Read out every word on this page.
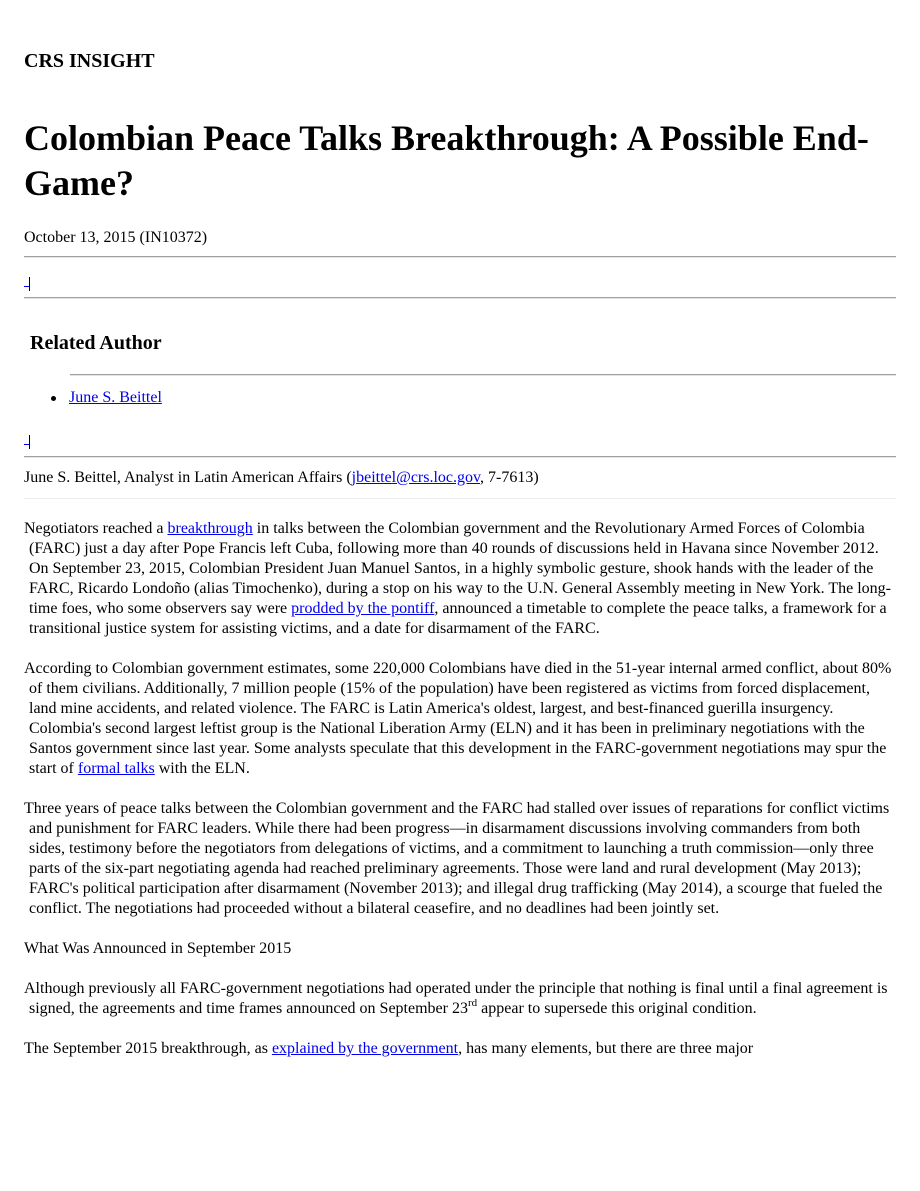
CRS INSIGHT
Colombian Peace Talks Breakthrough: A Possible End-Game?
October 13, 2015 (IN10372)
Related Author
June S. Beittel
June S. Beittel, Analyst in Latin American Affairs (jbeittel@crs.loc.gov, 7-7613)

Negotiators reached a breakthrough in talks between the Colombian government and the Revolutionary Armed Forces of Colombia (FARC) just a day after Pope Francis left Cuba, following more than 40 rounds of discussions held in Havana since November 2012. On September 23, 2015, Colombian President Juan Manuel Santos, in a highly symbolic gesture, shook hands with the leader of the FARC, Ricardo Londoño (alias Timochenko), during a stop on his way to the U.N. General Assembly meeting in New York. The long-time foes, who some observers say were prodded by the pontiff, announced a timetable to complete the peace talks, a framework for a transitional justice system for assisting victims, and a date for disarmament of the FARC.

According to Colombian government estimates, some 220,000 Colombians have died in the 51-year internal armed conflict, about 80% of them civilians. Additionally, 7 million people (15% of the population) have been registered as victims from forced displacement, land mine accidents, and related violence. The FARC is Latin America's oldest, largest, and best-financed guerilla insurgency. Colombia's second largest leftist group is the National Liberation Army (ELN) and it has been in preliminary negotiations with the Santos government since last year. Some analysts speculate that this development in the FARC-government negotiations may spur the start of formal talks with the ELN.

Three years of peace talks between the Colombian government and the FARC had stalled over issues of reparations for conflict victims and punishment for FARC leaders. While there had been progress—in disarmament discussions involving commanders from both sides, testimony before the negotiators from delegations of victims, and a commitment to launching a truth commission—only three parts of the six-part negotiating agenda had reached preliminary agreements. Those were land and rural development (May 2013); FARC's political participation after disarmament (November 2013); and illegal drug trafficking (May 2014), a scourge that fueled the conflict. The negotiations had proceeded without a bilateral ceasefire, and no deadlines had been jointly set.

What Was Announced in September 2015

Although previously all FARC-government negotiations had operated under the principle that nothing is final until a final agreement is signed, the agreements and time frames announced on September 23rd appear to supersede this original condition.

The September 2015 breakthrough, as explained by the government, has many elements, but there are three major
